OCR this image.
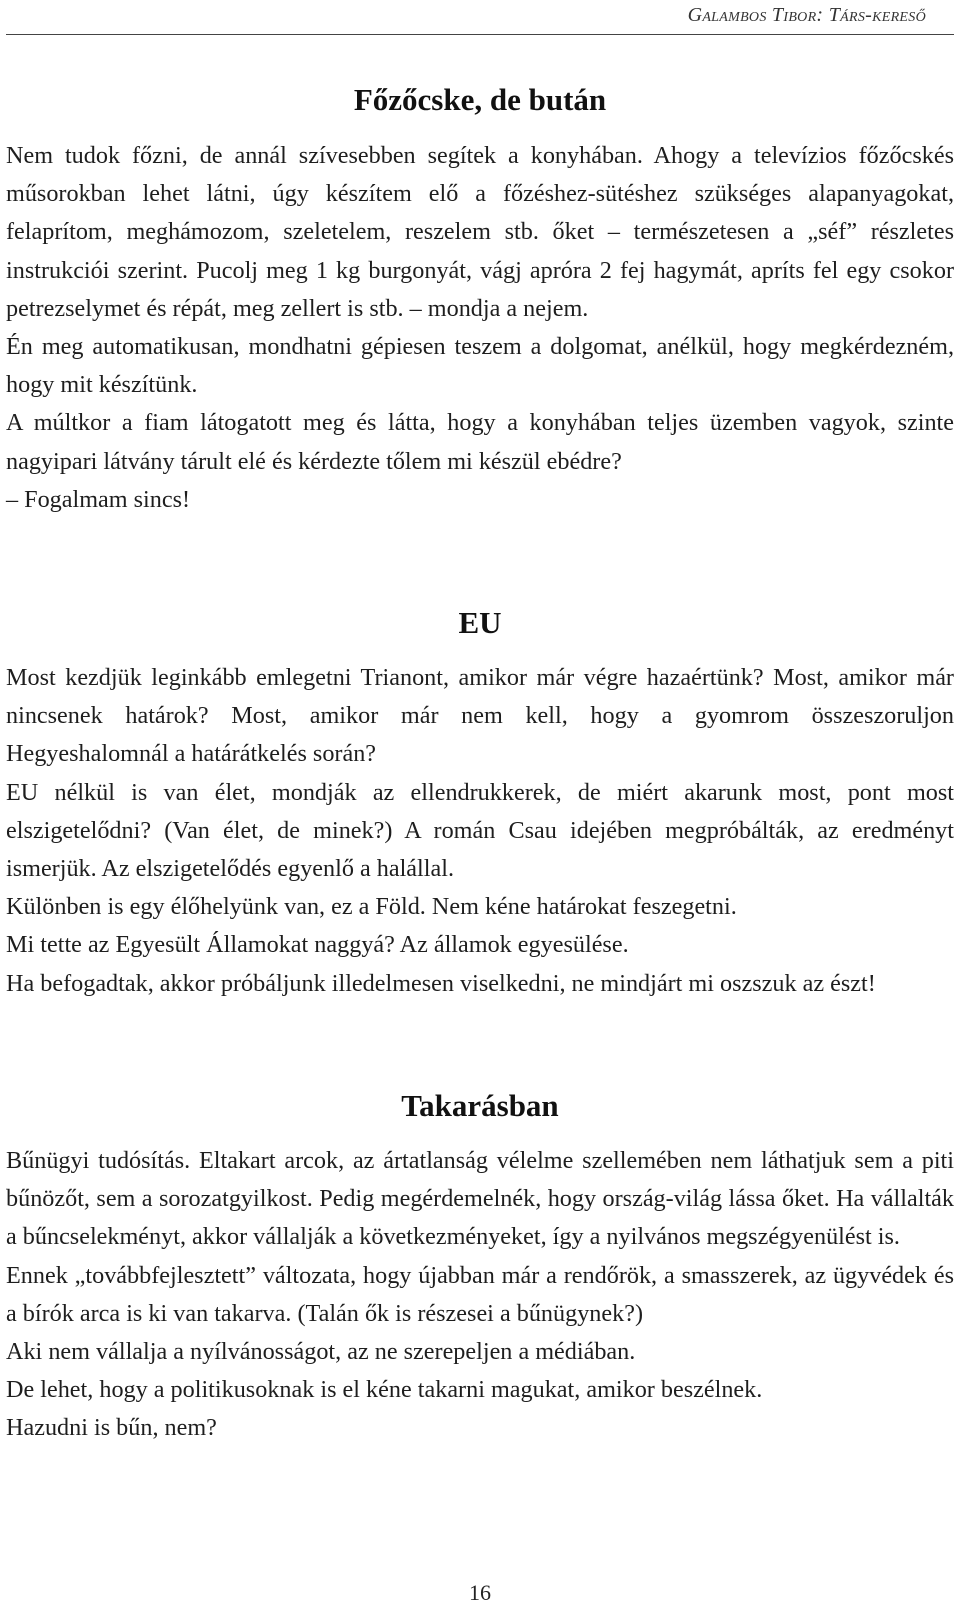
Galambos Tibor: Társ-kereső
Főzőcske, de bután

Nem tudok főzni, de annál szívesebben segítek a konyhában. Ahogy a televízios főzőcskés műsorokban lehet látni, úgy készítem elő a főzéshez-sütéshez szükséges alapanyagokat, felaprítom, meghámozom, szeletelem, reszelem stb. őket – természetesen a „séf” részletes instrukciói szerint. Pucolj meg 1 kg burgonyát, vágj apróra 2 fej hagymát, apríts fel egy csokor petrezselymet és répát, meg zellert is stb. – mondja a nejem.

Én meg automatikusan, mondhatni gépiesen teszem a dolgomat, anélkül, hogy megkérdezném, hogy mit készítünk.

A múltkor a fiam látogatott meg és látta, hogy a konyhában teljes üzemben vagyok, szinte nagyipari látvány tárult elé és kérdezte tőlem mi készül ebédre?

– Fogalmam sincs!

EU

Most kezdjük leginkább emlegetni Trianont, amikor már végre hazaértünk? Most, amikor már nincsenek határok? Most, amikor már nem kell, hogy a gyomrom összeszoruljon Hegyeshalomnál a határátkelés során?

EU nélkül is van élet, mondják az ellendrukkerek, de miért akarunk most, pont most elszigetelődni? (Van élet, de minek?) A román Csau idejében megpróbálták, az eredményt ismerjük. Az elszigetelődés egyenlő a halállal.

Különben is egy élőhelyünk van, ez a Föld. Nem kéne határokat feszegetni.

Mi tette az Egyesült Államokat naggyá? Az államok egyesülése.

Ha befogadtak, akkor próbáljunk illedelmesen viselkedni, ne mindjárt mi oszszuk az észt!

Takarásban

Bűnügyi tudósítás. Eltakart arcok, az ártatlanság vélelme szellemében nem láthatjuk sem a piti bűnözőt, sem a sorozatgyilkost. Pedig megérdemelnék, hogy ország-világ lássa őket. Ha vállalták a bűncselekményt, akkor vállalják a következményeket, így a nyilvános megszégyenülést is.

Ennek „továbbfejlesztett” változata, hogy újabban már a rendőrök, a smasszerek, az ügyvédek és a bírók arca is ki van takarva. (Talán ők is részesei a bűnügynek?)

Aki nem vállalja a nyílvánosságot, az ne szerepeljen a médiában.

De lehet, hogy a politikusoknak is el kéne takarni magukat, amikor beszélnek.

Hazudni is bűn, nem?

16
